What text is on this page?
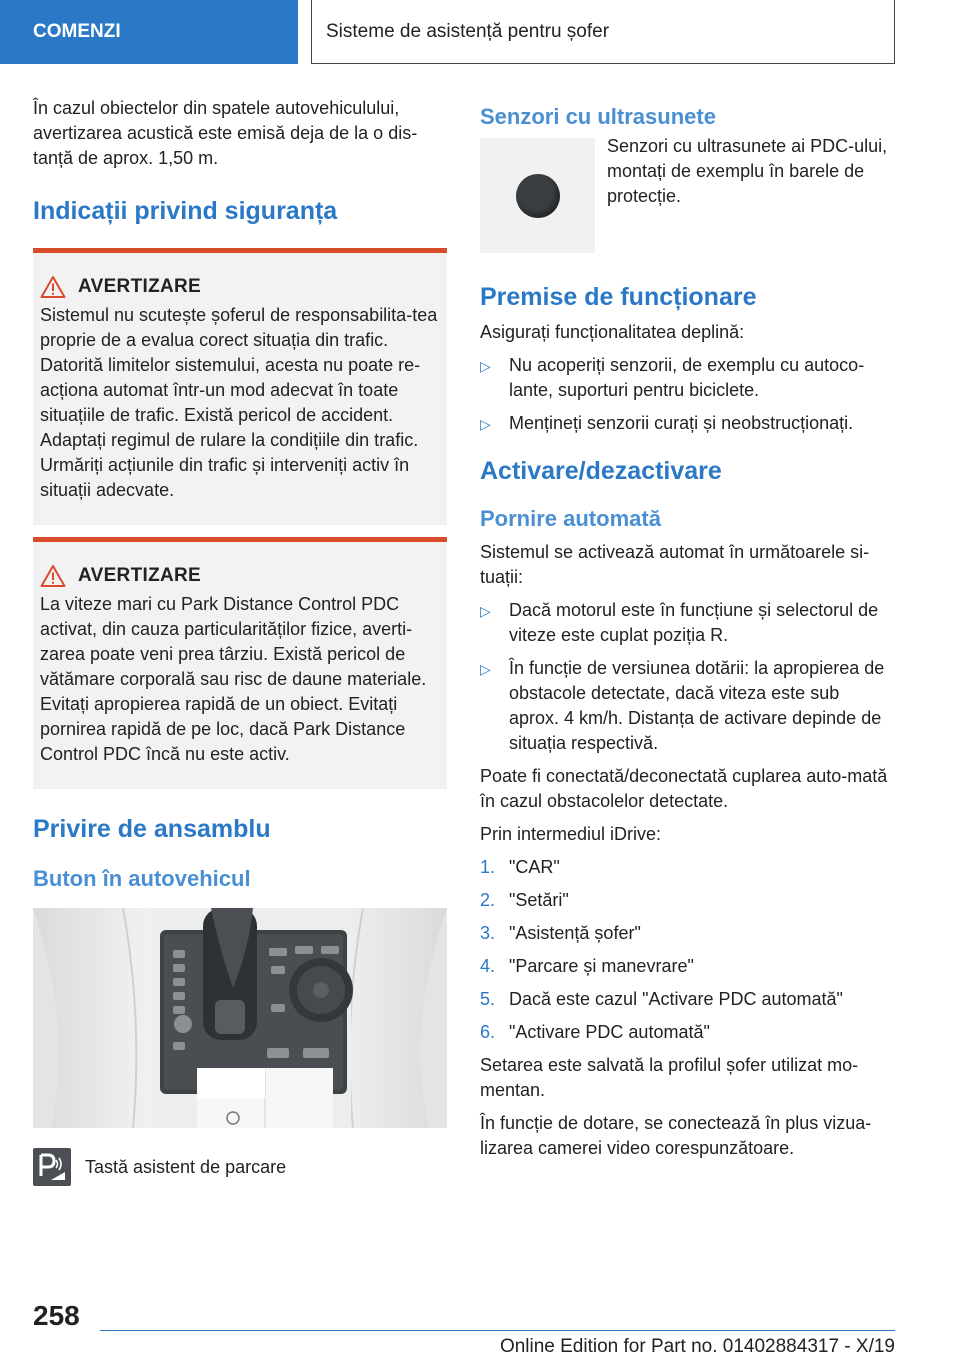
COMENZI	Sisteme de asistență pentru șofer

În cazul obiectelor din spatele autovehiculului, avertizarea acustică este emisă deja de la o dis-tanță de aprox. 1,50 m.

Indicații privind siguranța
AVERTIZARE

Sistemul nu scutește șoferul de responsabilita-tea proprie de a evalua corect situația din trafic. Datorită limitelor sistemului, acesta nu poate re-acționa automat într-un mod adecvat în toate situațiile de trafic. Există pericol de accident. Adaptați regimul de rulare la condițiile din trafic. Urmăriți acțiunile din trafic și interveniți activ în situații adecvate.

AVERTIZARE

La viteze mari cu Park Distance Control PDC activat, din cauza particularităților fizice, averti-zarea poate veni prea târziu. Există pericol de vătămare corporală sau risc de daune materiale. Evitați apropierea rapidă de un obiect. Evitați pornirea rapidă de pe loc, dacă Park Distance Control PDC încă nu este activ.

Privire de ansamblu
Buton în autovehicul
Tastă asistent de parcare
Senzori cu ultrasunete

Senzori cu ultrasunete ai PDC-ului, montați de exemplu în barele de protecție.

Premise de funcționare

Asigurați funcționalitatea deplină:

▷	Nu acoperiți senzorii, de exemplu cu autoco-lante, suporturi pentru biciclete.
▷	Mențineți senzorii curați și neobstrucționați.
Activare/dezactivare
Pornire automată

Sistemul se activează automat în următoarele si-tuații:

▷	Dacă motorul este în funcțiune și selectorul de viteze este cuplat poziția R.
▷	În funcție de versiunea dotării: la apropierea de obstacole detectate, dacă viteza este sub aprox. 4 km/h. Distanța de activare depinde de situația respectivă.

Poate fi conectată/deconectată cuplarea auto-mată în cazul obstacolelor detectate.

Prin intermediul iDrive:

1. "CAR"
2. "Setări"
3. "Asistență șofer"
4. "Parcare și manevrare"
5. Dacă este cazul "Activare PDC automată"
6. "Activare PDC automată"

Setarea este salvată la profilul șofer utilizat mo-mentan.

În funcție de dotare, se conectează în plus vizua-lizarea camerei video corespunzătoare.

258
Online Edition for Part no. 01402884317 - X/19
